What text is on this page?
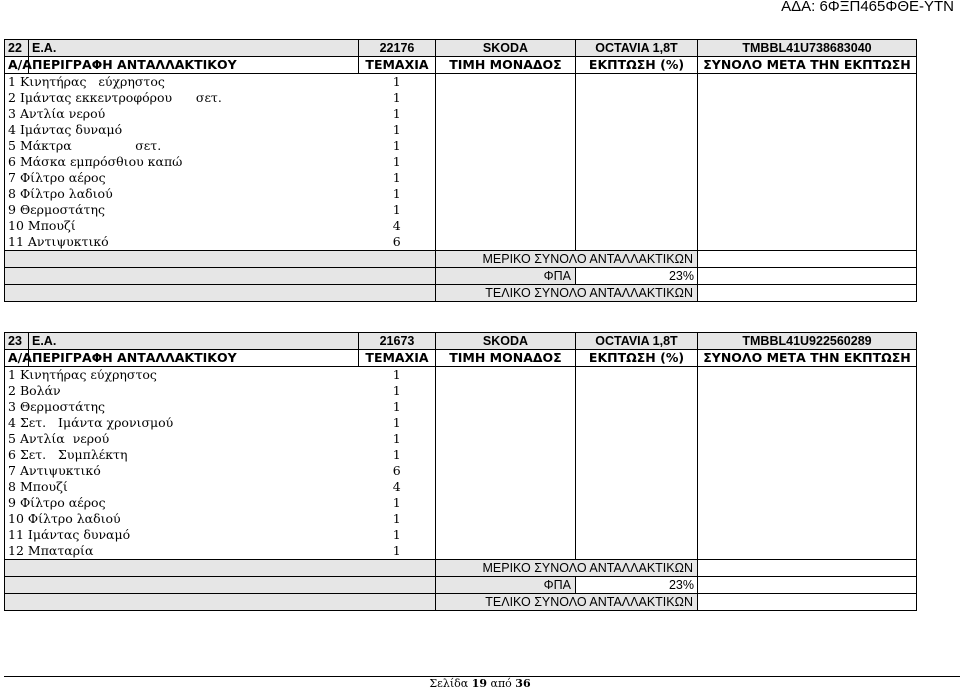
ΑΔΑ: 6ΦΞΠ465ΦΘΕ-ΥΤΝ
22	Ε.Α.	22176	SKODA	OCTAVIA 1,8T	TMBBL41U738683040
Α/Α	ΠΕΡΙΓΡΑΦΗ ΑΝΤΑΛΛΑΚΤΙΚΟΥ	ΤΕΜΑΧΙΑ	ΤΙΜΗ ΜΟΝΑΔΟΣ	ΕΚΠΤΩΣΗ (%)	ΣΥΝΟΛΟ ΜΕΤΑ ΤΗΝ ΕΚΠΤΩΣΗ
1 Κινητήρας   εύχρηστος		1			
2 Ιμάντας εκκεντροφόρου      σετ.		1			
3 Αντλία νερού		1			
4 Ιμάντας δυναμό		1			
5 Μάκτρα                σετ.		1			
6 Μάσκα εμπρόσθιου καπώ		1			
7 Φίλτρο αέρος		1			
8 Φίλτρο λαδιού		1			
9 Θερμοστάτης		1			
10 Μπουζί		4			
11 Αντιψυκτικό		6			
			ΜΕΡΙΚΟ ΣΥΝΟΛΟ ΑΝΤΑΛΛΑΚΤΙΚΩΝ		
			ΦΠΑ	23%	
			ΤΕΛΙΚΟ ΣΥΝΟΛΟ ΑΝΤΑΛΛΑΚΤΙΚΩΝ		
23	Ε.Α.	21673	SKODA	OCTAVIA 1,8T	TMBBL41U922560289
Α/Α	ΠΕΡΙΓΡΑΦΗ ΑΝΤΑΛΛΑΚΤΙΚΟΥ	ΤΕΜΑΧΙΑ	ΤΙΜΗ ΜΟΝΑΔΟΣ	ΕΚΠΤΩΣΗ (%)	ΣΥΝΟΛΟ ΜΕΤΑ ΤΗΝ ΕΚΠΤΩΣΗ
1 Κινητήρας εύχρηστος		1			
2 Βολάν		1			
3 Θερμοστάτης		1			
4 Σετ.   Ιμάντα χρονισμού		1			
5 Αντλία  νερού		1			
6 Σετ.   Συμπλέκτη		1			
7 Αντιψυκτικό		6			
8 Μπουζί		4			
9 Φίλτρο αέρος		1			
10 Φίλτρο λαδιού		1			
11 Ιμάντας δυναμό		1			
12 Μπαταρία		1			
			ΜΕΡΙΚΟ ΣΥΝΟΛΟ ΑΝΤΑΛΛΑΚΤΙΚΩΝ		
			ΦΠΑ	23%	
			ΤΕΛΙΚΟ ΣΥΝΟΛΟ ΑΝΤΑΛΛΑΚΤΙΚΩΝ		
Σελίδα 19 από 36
